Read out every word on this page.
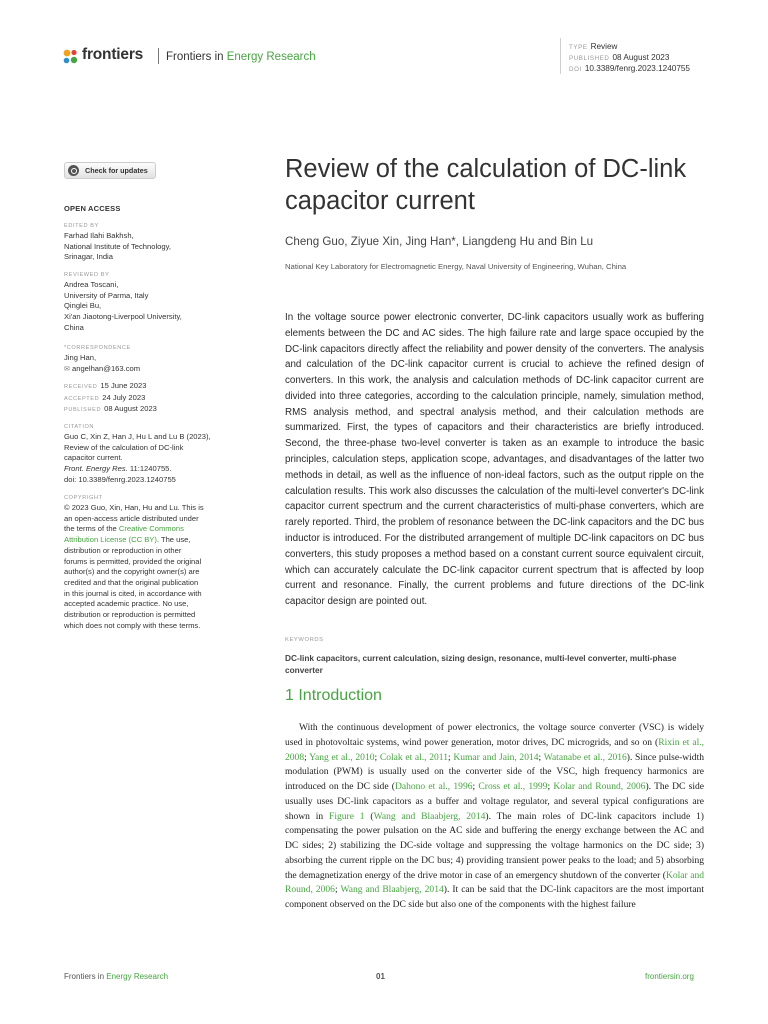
frontiers Frontiers in Energy Research
TYPE Review
PUBLISHED 08 August 2023
DOI 10.3389/fenrg.2023.1240755
Check for updates
OPEN ACCESS
EDITED BY
Farhad Ilahi Bakhsh,
National Institute of Technology,
Srinagar, India
REVIEWED BY
Andrea Toscani,
University of Parma, Italy
Qinglei Bu,
Xi'an Jiaotong-Liverpool University,
China
*CORRESPONDENCE
Jing Han,
✉ angelhan@163.com
RECEIVED 15 June 2023
ACCEPTED 24 July 2023
PUBLISHED 08 August 2023
CITATION
Guo C, Xin Z, Han J, Hu L and Lu B (2023),
Review of the calculation of DC-link
capacitor current.
Front. Energy Res. 11:1240755.
doi: 10.3389/fenrg.2023.1240755
COPYRIGHT
© 2023 Guo, Xin, Han, Hu and Lu. This is
an open-access article distributed under
the terms of the Creative Commons
Attribution License (CC BY). The use,
distribution or reproduction in other
forums is permitted, provided the original
author(s) and the copyright owner(s) are
credited and that the original publication
in this journal is cited, in accordance with
accepted academic practice. No use,
distribution or reproduction is permitted
which does not comply with these terms.
Review of the calculation of DC-link capacitor current
Cheng Guo, Ziyue Xin, Jing Han*, Liangdeng Hu and Bin Lu
National Key Laboratory for Electromagnetic Energy, Naval University of Engineering, Wuhan, China
In the voltage source power electronic converter, DC-link capacitors usually work as buffering elements between the DC and AC sides. The high failure rate and large space occupied by the DC-link capacitors directly affect the reliability and power density of the converters. The analysis and calculation of the DC-link capacitor current is crucial to achieve the refined design of converters. In this work, the analysis and calculation methods of DC-link capacitor current are divided into three categories, according to the calculation principle, namely, simulation method, RMS analysis method, and spectral analysis method, and their calculation methods are summarized. First, the types of capacitors and their characteristics are briefly introduced. Second, the three-phase two-level converter is taken as an example to introduce the basic principles, calculation steps, application scope, advantages, and disadvantages of the latter two methods in detail, as well as the influence of non-ideal factors, such as the output ripple on the calculation results. This work also discusses the calculation of the multi-level converter's DC-link capacitor current spectrum and the current characteristics of multi-phase converters, which are rarely reported. Third, the problem of resonance between the DC-link capacitors and the DC bus inductor is introduced. For the distributed arrangement of multiple DC-link capacitors on DC bus converters, this study proposes a method based on a constant current source equivalent circuit, which can accurately calculate the DC-link capacitor current spectrum that is affected by loop current and resonance. Finally, the current problems and future directions of the DC-link capacitor design are pointed out.
KEYWORDS
DC-link capacitors, current calculation, sizing design, resonance, multi-level converter, multi-phase converter
1 Introduction
With the continuous development of power electronics, the voltage source converter (VSC) is widely used in photovoltaic systems, wind power generation, motor drives, DC microgrids, and so on (Rixin et al., 2008; Yang et al., 2010; Colak et al., 2011; Kumar and Jain, 2014; Watanabe et al., 2016). Since pulse-width modulation (PWM) is usually used on the converter side of the VSC, high frequency harmonics are introduced on the DC side (Dahono et al., 1996; Cross et al., 1999; Kolar and Round, 2006). The DC side usually uses DC-link capacitors as a buffer and voltage regulator, and several typical configurations are shown in Figure 1 (Wang and Blaabjerg, 2014). The main roles of DC-link capacitors include 1) compensating the power pulsation on the AC side and buffering the energy exchange between the AC and DC sides; 2) stabilizing the DC-side voltage and suppressing the voltage harmonics on the DC side; 3) absorbing the current ripple on the DC bus; 4) providing transient power peaks to the load; and 5) absorbing the demagnetization energy of the drive motor in case of an emergency shutdown of the converter (Kolar and Round, 2006; Wang and Blaabjerg, 2014). It can be said that the DC-link capacitors are the most important component observed on the DC side but also one of the components with the highest failure
Frontiers in Energy Research	01	frontiersin.org
